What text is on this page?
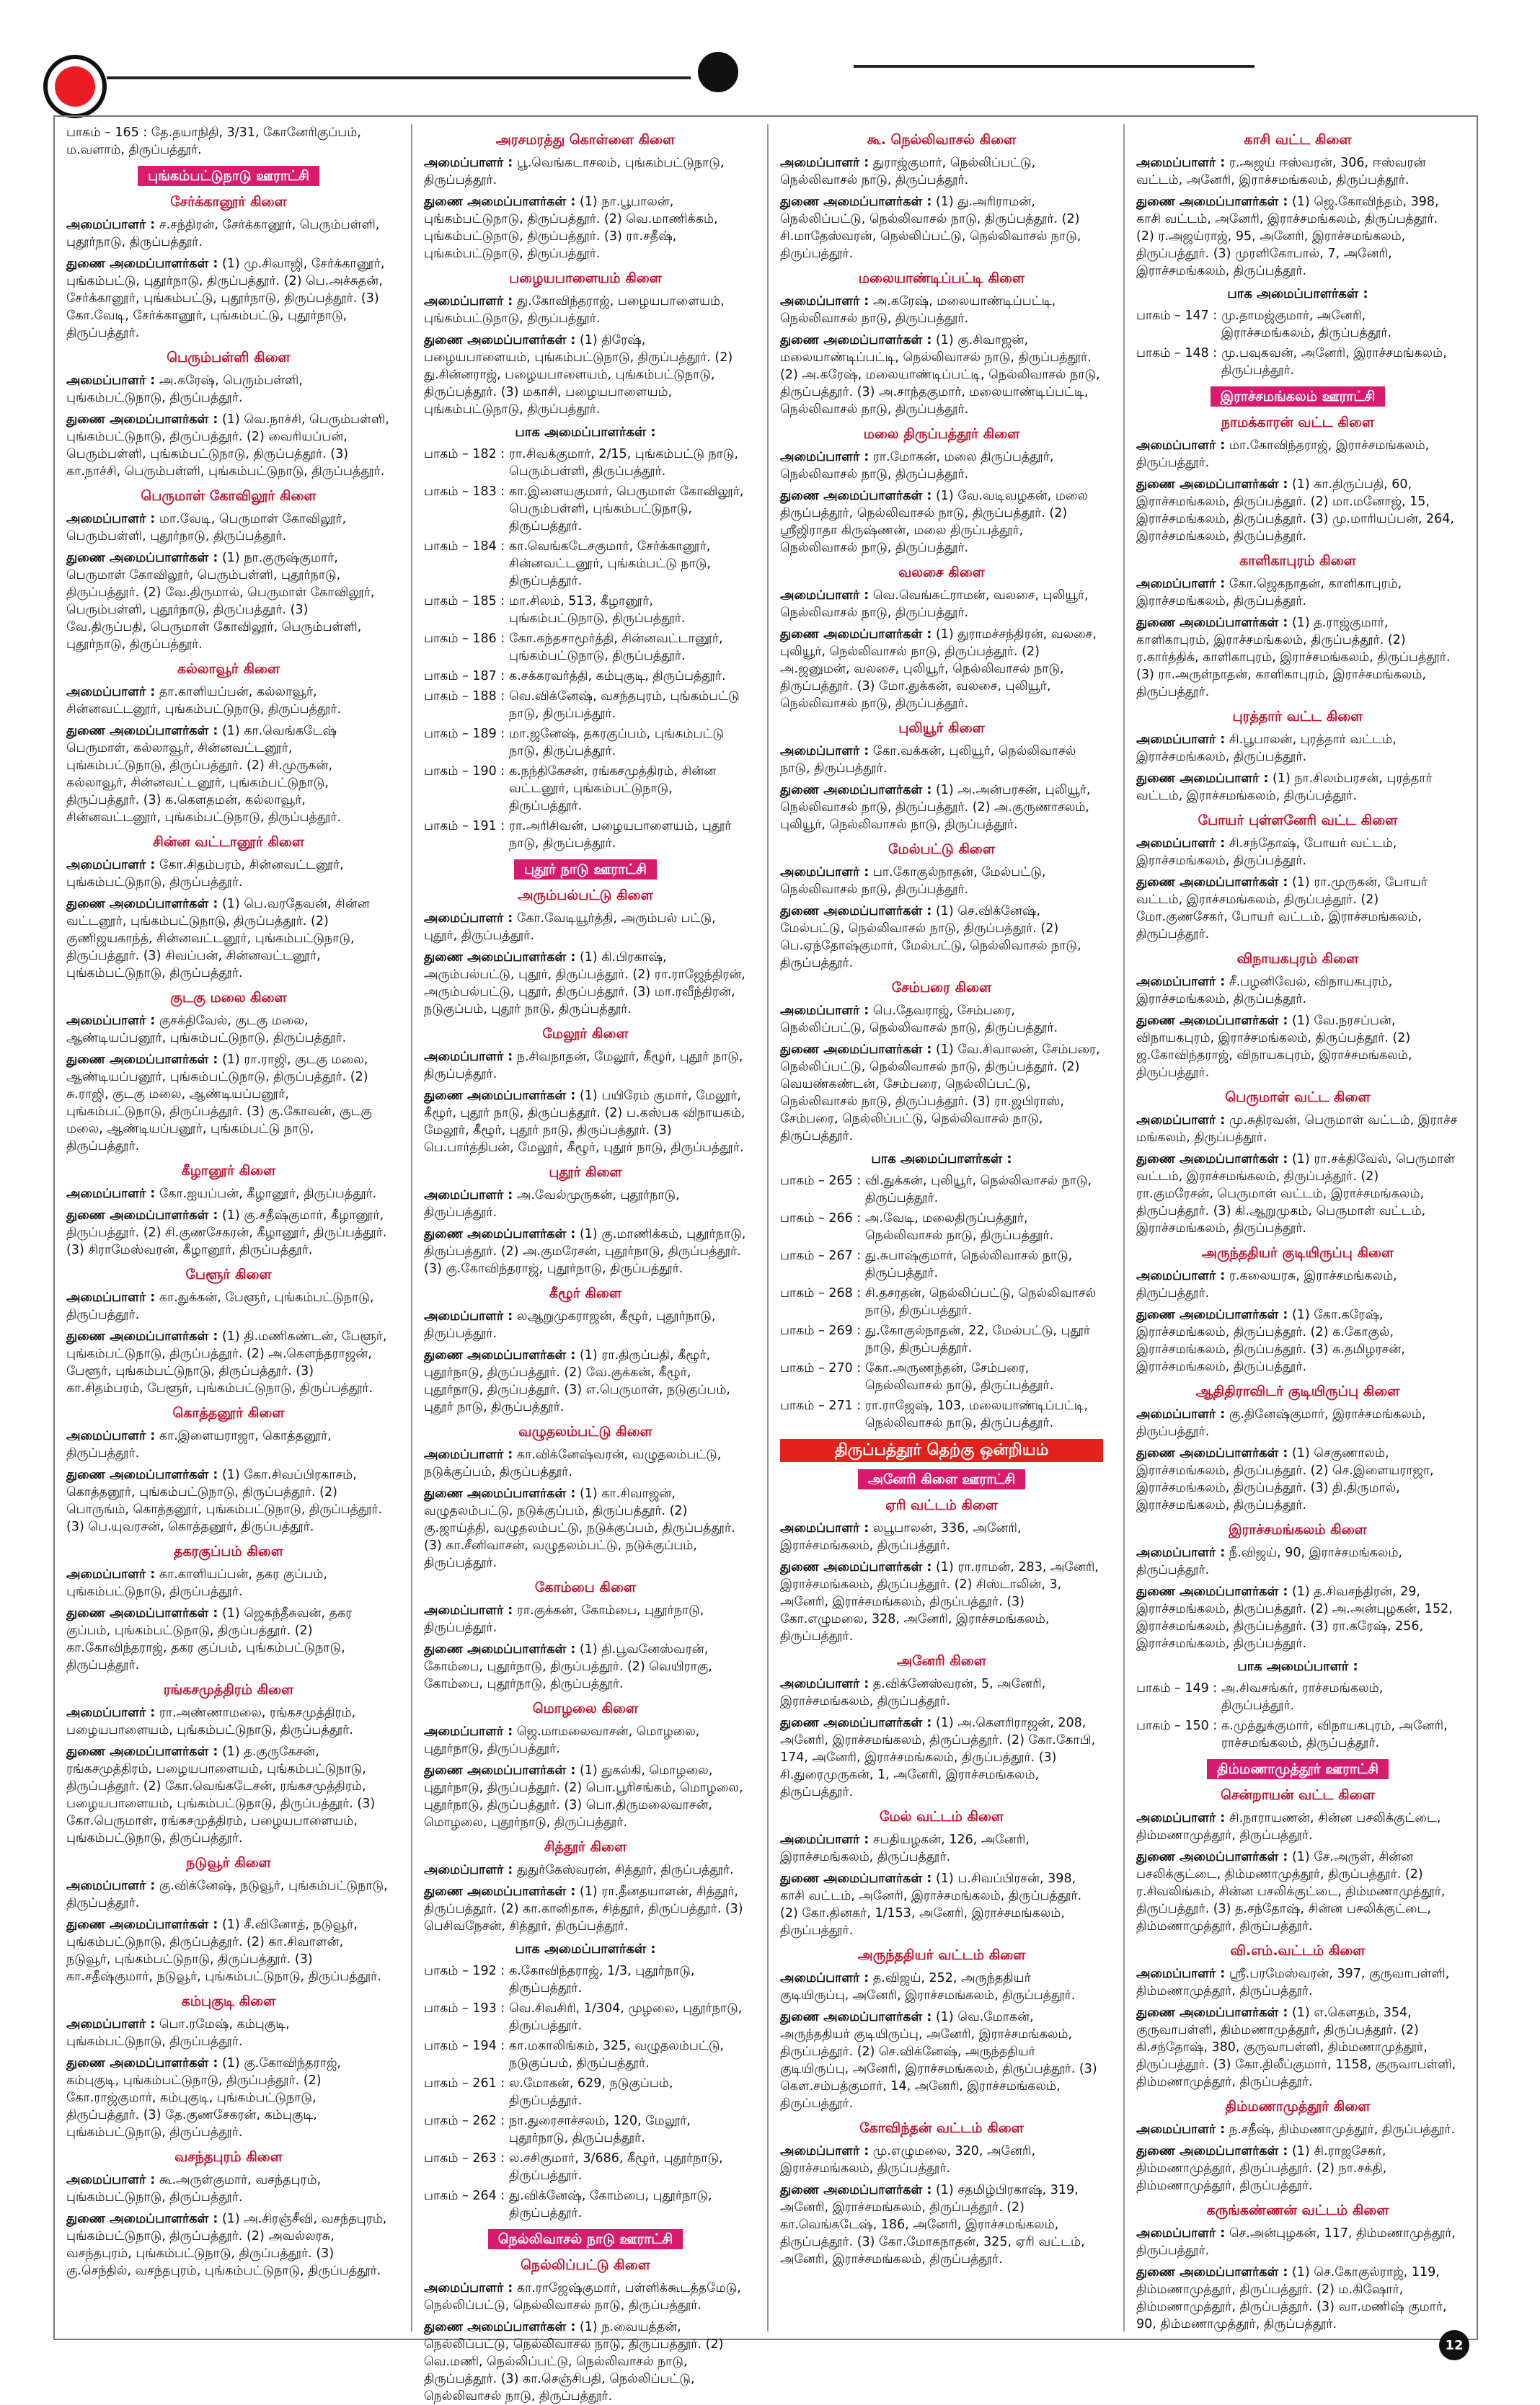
பாகம் – 165 : தே.தயாநிதி, 3/31, கோனேரிகுப்பம், ம.வளாம், திருப்பத்தூர்.
புங்கம்பட்டுநாடு ஊராட்சி
சேர்க்கானூர் கிளை
அமைப்பாளர் : ச.சந்திரன், சேர்க்கானூர், பெரும்பள்ளி, புதூர்நாடு, திருப்பத்தூர்.
துணை அமைப்பாளர்கள் : (1) மு.சிவாஜி, சேர்க்கானூர், புங்கம்பட்டு, புதூர்நாடு, திருப்பத்தூர். (2) பெ.அச்சுதன், சேர்க்கானூர், புங்கம்பட்டு, புதூர்நாடு, திருப்பத்தூர். (3) கோ.வேடி, சேர்க்கானூர், புங்கம்பட்டு, புதூர்நாடு, திருப்பத்தூர்.
பெரும்பள்ளி கிளை
அமைப்பாளர் : அ.கரேஷ், பெரும்பள்ளி, புங்கம்பட்டுநாடு, திருப்பத்தூர்.
துணை அமைப்பாளர்கள் : (1) வெ.நாச்சி, பெரும்பள்ளி, புங்கம்பட்டுநாடு, திருப்பத்தூர். (2) வைரியப்பன், பெரும்பள்ளி, புங்கம்பட்டுநாடு, திருப்பத்தூர். (3) கா.நாச்சி, பெரும்பள்ளி, புங்கம்பட்டுநாடு, திருப்பத்தூர்.
பெருமாள் கோவிலூர் கிளை
அமைப்பாளர் : மா.வேடி, பெருமாள் கோவிலூர், பெரும்பள்ளி, புதூர்நாடு, திருப்பத்தூர்.
துணை அமைப்பாளர்கள் : (1) நா.குருஷ்குமார், பெருமாள் கோவிலூர், பெரும்பள்ளி, புதூர்நாடு, திருப்பத்தூர். (2) வே.திருமால், பெருமாள் கோவிலூர், பெரும்பள்ளி, புதூர்நாடு, திருப்பத்தூர். (3) வே.திருப்பதி, பெருமாள் கோவிலூர், பெரும்பள்ளி, புதூர்நாடு, திருப்பத்தூர்.
கல்லாவூர் கிளை
அமைப்பாளர் : தா.காளியப்பன், கல்லாவூர், சின்னவட்டனூர், புங்கம்பட்டுநாடு, திருப்பத்தூர்.
துணை அமைப்பாளர்கள் : (1) கா.வெங்கடேஷ் பெருமாள், கல்லாவூர், சின்னவட்டனூர், புங்கம்பட்டுநாடு, திருப்பத்தூர். (2) சி.முருகன், கல்லாவூர், சின்னவட்டனூர், புங்கம்பட்டுநாடு, திருப்பத்தூர். (3) க.கௌதமன், கல்லாவூர், சின்னவட்டனூர், புங்கம்பட்டுநாடு, திருப்பத்தூர்.
சின்ன வட்டானூர் கிளை
அமைப்பாளர் : கோ.சிதம்பரம், சின்னவட்டனூர், புங்கம்பட்டுநாடு, திருப்பத்தூர்.
துணை அமைப்பாளர்கள் : (1) பெ.வரதேவன், சின்ன வட்டனூர், புங்கம்பட்டுநாடு, திருப்பத்தூர். (2) குணிஜயகாந்த், சின்னவட்டனூர், புங்கம்பட்டுநாடு, திருப்பத்தூர். (3) சிவப்பன், சின்னவட்டனூர், புங்கம்பட்டுநாடு, திருப்பத்தூர்.
குடகு மலை கிளை
அமைப்பாளர் : குசக்திவேல், குடகு மலை, ஆண்டியப்பனூர், புங்கம்பட்டுநாடு, திருப்பத்தூர்.
துணை அமைப்பாளர்கள் : (1) ரா.ராஜி, குடகு மலை, ஆண்டியப்பனூர், புங்கம்பட்டுநாடு, திருப்பத்தூர். (2) சு.ராஜி, குடகு மலை, ஆண்டியப்பனூர், புங்கம்பட்டுநாடு, திருப்பத்தூர். (3) கு.கோவன், குடகு மலை, ஆண்டியப்பனூர், புங்கம்பட்டு நாடு, திருப்பத்தூர்.
கீழானூர் கிளை
அமைப்பாளர் : கோ.ஐயப்பன், கீழானூர், திருப்பத்தூர்.
துணை அமைப்பாளர்கள் : (1) கு.சதீஷ்குமார், கீழானூர், திருப்பத்தூர். (2) சி.குணசேகரன், கீழானூர், திருப்பத்தூர். (3) சிராமேஸ்வரன், கீழானூர், திருப்பத்தூர்.
பேளூர் கிளை
அமைப்பாளர் : கா.துக்கன், பேளூர், புங்கம்பட்டுநாடு, திருப்பத்தூர்.
துணை அமைப்பாளர்கள் : (1) தி.மணிகண்டன், பேளூர், புங்கம்பட்டுநாடு, திருப்பத்தூர். (2) அ.கௌந்தராஜன், பேளூர், புங்கம்பட்டுநாடு, திருப்பத்தூர். (3) கா.சிதம்பரம், பேளூர், புங்கம்பட்டுநாடு, திருப்பத்தூர்.
கொத்தனூர் கிளை
அமைப்பாளர் : கா.இளையராஜா, கொத்தனூர், திருப்பத்தூர்.
துணை அமைப்பாளர்கள் : (1) கோ.சிவப்பிரகாசம், கொத்தனூர், புங்கம்பட்டுநாடு, திருப்பத்தூர். (2) பொருங்ம், கொத்தனூர், புங்கம்பட்டுநாடு, திருப்பத்தூர். (3) பெ.யுவரசன், கொத்தனூர், திருப்பத்தூர்.
தகரகுப்பம் கிளை
அமைப்பாளர் : கா.காளியப்பன், தகர குப்பம், புங்கம்பட்டுநாடு, திருப்பத்தூர்.
துணை அமைப்பாளர்கள் : (1) ஜெகந்தீசுவன், தகர குப்பம், புங்கம்பட்டுநாடு, திருப்பத்தூர். (2) கா.கோவிந்தராஜ், தகர குப்பம், புங்கம்பட்டுநாடு, திருப்பத்தூர்.
ரங்கசமுத்திரம் கிளை
அமைப்பாளர் : ரா.அண்ணாமலை, ரங்கசமுத்திரம், பழையபாளையம், புங்கம்பட்டுநாடு, திருப்பத்தூர்.
துணை அமைப்பாளர்கள் : (1) த.குருகேசன், ரங்கசமுத்திரம், பழையபாளையம், புங்கம்பட்டுநாடு, திருப்பத்தூர். (2) கோ.வெங்கடேசன், ரங்கசமுத்திரம், பழையபாளையம், புங்கம்பட்டுநாடு, திருப்பத்தூர். (3) கோ.பெருமாள், ரங்கசமுத்திரம், பழையபாளையம், புங்கம்பட்டுநாடு, திருப்பத்தூர்.
நடுவூர் கிளை
அமைப்பாளர் : கு.விக்னேஷ், நடுவூர், புங்கம்பட்டுநாடு, திருப்பத்தூர்.
துணை அமைப்பாளர்கள் : (1) சீ.வினோத், நடுவூர், புங்கம்பட்டுநாடு, திருப்பத்தூர். (2) கா.சிவாளன், நடுவூர், புங்கம்பட்டுநாடு, திருப்பத்தூர். (3) கா.சதீஷ்குமார், நடுவூர், புங்கம்பட்டுநாடு, திருப்பத்தூர்.
கம்புகுடி கிளை
அமைப்பாளர் : பொ.ரமேஷ், கம்புகுடி, புங்கம்பட்டுநாடு, திருப்பத்தூர்.
துணை அமைப்பாளர்கள் : (1) கு.கோவிந்தராஜ், கம்புகுடி, புங்கம்பட்டுநாடு, திருப்பத்தூர். (2) கோ.ராஜ்குமார், கம்புகுடி, புங்கம்பட்டுநாடு, திருப்பத்தூர். (3) தே.குணசேகரன், கம்புகுடி, புங்கம்பட்டுநாடு, திருப்பத்தூர்.
வசந்தபுரம் கிளை
அமைப்பாளர் : கூ.அருள்குமார், வசந்தபுரம், புங்கம்பட்டுநாடு, திருப்பத்தூர்.
துணை அமைப்பாளர்கள் : (1) அ.சிரஞ்சீவி, வசந்தபுரம், புங்கம்பட்டுநாடு, திருப்பத்தூர். (2) அவல்லரசு, வசந்தபுரம், புங்கம்பட்டுநாடு, திருப்பத்தூர். (3) கு.செந்தில், வசந்தபுரம், புங்கம்பட்டுநாடு, திருப்பத்தூர்.
அரசமரத்து கொள்ளை கிளை
அமைப்பாளர் : பூ.வெங்கடாசலம், புங்கம்பட்டுநாடு, திருப்பத்தூர்.
துணை அமைப்பாளர்கள் : (1) நா.பூபாலன், புங்கம்பட்டுநாடு, திருப்பத்தூர். (2) வெ.மாணிக்கம், புங்கம்பட்டுநாடு, திருப்பத்தூர். (3) ரா.சதீஷ், புங்கம்பட்டுநாடு, திருப்பத்தூர்.
பழையபாளையம் கிளை
அமைப்பாளர் : து.கோவிந்தராஜ், பழையபாளையம், புங்கம்பட்டுநாடு, திருப்பத்தூர்.
துணை அமைப்பாளர்கள் : (1) திரேஷ், பழையபாளையம், புங்கம்பட்டுநாடு, திருப்பத்தூர். (2) து.சின்னராஜ், பழையபாளையம், புங்கம்பட்டுநாடு, திருப்பத்தூர். (3) மகாசி, பழையபாளையம், புங்கம்பட்டுநாடு, திருப்பத்தூர்.
பாக அமைப்பாளர்கள் :
பாகம் – 182 : ரா.சிவக்குமார், 2/15, புங்கம்பட்டு நாடு, பெரும்பள்ளி, திருப்பத்தூர்.
பாகம் – 183 : கா.இளையகுமார், பெருமாள் கோவிலூர், பெரும்பள்ளி, புங்கம்பட்டுநாடு, திருப்பத்தூர்.
பாகம் – 184 : கா.வெங்கடேசகுமார், சேர்க்கானூர், சின்னவட்டனூர், புங்கம்பட்டு நாடு, திருப்பத்தூர்.
பாகம் – 185 : மா.சிலம், 513, கீழானூர், புங்கம்பட்டுநாடு, திருப்பத்தூர்.
பாகம் – 186 : கோ.கந்தசாமூர்த்தி, சின்னவட்டானூர், புங்கம்பட்டுநாடு, திருப்பத்தூர்.
பாகம் – 187 : க.சக்கரவர்த்தி, கம்புகுடி, திருப்பத்தூர்.
பாகம் – 188 : வெ.விக்னேஷ், வசந்தபுரம், புங்கம்பட்டு நாடு, திருப்பத்தூர்.
பாகம் – 189 : மா.ஜனேஷ், தகரகுப்பம், புங்கம்பட்டு நாடு, திருப்பத்தூர்.
பாகம் – 190 : க.நந்திகேசன், ரங்கசமுத்திரம், சின்ன வட்டனூர், புங்கம்பட்டுநாடு, திருப்பத்தூர்.
பாகம் – 191 : ரா.அரிசிவன், பழையபாளையம், புதூர் நாடு, திருப்பத்தூர்.
புதூர் நாடு ஊராட்சி
அரும்பல்பட்டு கிளை
அமைப்பாளர் : கோ.வேடியூர்த்தி, அரும்பல் பட்டு, புதூர், திருப்பத்தூர்.
துணை அமைப்பாளர்கள் : (1) கி.பிரகாஷ், அரும்பல்பட்டு, புதூர், திருப்பத்தூர். (2) ரா.ராஜேந்திரன், அரும்பல்பட்டு, புதூர், திருப்பத்தூர். (3) மா.ரவீந்திரன், நடுகுப்பம், புதூர் நாடு, திருப்பத்தூர்.
மேலூர் கிளை
அமைப்பாளர் : ந.சிவநாதன், மேலூர், கீழூர், புதூர் நாடு, திருப்பத்தூர்.
துணை அமைப்பாளர்கள் : (1) பயிரேம் குமார், மேலூர், கீழூர், புதூர் நாடு, திருப்பத்தூர். (2) ப.கஸ்பக விநாயகம், மேலூர், கீழூர், புதூர் நாடு, திருப்பத்தூர். (3) பெ.பார்த்திபன், மேலூர், கீழூர், புதூர் நாடு, திருப்பத்தூர்.
புதூர் கிளை
அமைப்பாளர் : அ.வேல்முருகன், புதூர்நாடு, திருப்பத்தூர்.
துணை அமைப்பாளர்கள் : (1) கு.மாணிக்கம், புதூர்நாடு, திருப்பத்தூர். (2) அ.குமரேசன், புதூர்நாடு, திருப்பத்தூர். (3) கு.கோவிந்தராஜ், புதூர்நாடு, திருப்பத்தூர்.
கீழூர் கிளை
அமைப்பாளர் : லஆறுமுகராஜன், கீழூர், புதூர்நாடு, திருப்பத்தூர்.
துணை அமைப்பாளர்கள் : (1) ரா.திருப்பதி, கீழூர், புதூர்நாடு, திருப்பத்தூர். (2) வே.குக்கன், கீழூர், புதூர்நாடு, திருப்பத்தூர். (3) எ.பெருமாள், நடுகுப்பம், புதூர் நாடு, திருப்பத்தூர்.
வழுதலம்பட்டு கிளை
அமைப்பாளர் : கா.விக்னேஷ்வரன், வழுதலம்பட்டு, நடுக்குப்பம், திருப்பத்தூர்.
துணை அமைப்பாளர்கள் : (1) கா.சிவாஜன், வழுதலம்பட்டு, நடுக்குப்பம், திருப்பத்தூர். (2) கு.ஜாய்த்தி, வழுதலம்பட்டு, நடுக்குப்பம், திருப்பத்தூர். (3) கா.சீனிவாசன், வழுதலம்பட்டு, நடுக்குப்பம், திருப்பத்தூர்.
கோம்பை கிளை
அமைப்பாளர் : ரா.குக்கன், கோம்பை, புதூர்நாடு, திருப்பத்தூர்.
துணை அமைப்பாளர்கள் : (1) தி.பூவனேஸ்வரன், கோம்பை, புதூர்நாடு, திருப்பத்தூர். (2) வெயிராகு, கோம்பை, புதூர்நாடு, திருப்பத்தூர்.
மொழலை கிளை
அமைப்பாளர் : ஜெ.மாமலைவாசன், மொழலை, புதூர்நாடு, திருப்பத்தூர்.
துணை அமைப்பாளர்கள் : (1) துகல்கி, மொழலை, புதூர்நாடு, திருப்பத்தூர். (2) பொ.பூரிசங்கம், மொழலை, புதூர்நாடு, திருப்பத்தூர். (3) பொ.திருமலைவாசன், மொழலை, புதூர்நாடு, திருப்பத்தூர்.
சித்தூர் கிளை
அமைப்பாளர் : துதுர்கேஸ்வரன், சித்தூர், திருப்பத்தூர்.
துணை அமைப்பாளர்கள் : (1) ரா.தீனதயாளன், சித்தூர், திருப்பத்தூர். (2) கா.கானிதாசு, சித்தூர், திருப்பத்தூர். (3) பெசிவநேசன், சித்தூர், திருப்பத்தூர்.
பாக அமைப்பாளர்கள் :
பாகம் – 192 : க.கோவிந்தராஜ், 1/3, புதூர்நாடு, திருப்பத்தூர்.
பாகம் – 193 : வெ.சிவசிரி, 1/304, முழலை, புதூர்நாடு, திருப்பத்தூர்.
பாகம் – 194 : கா.மகாலிங்கம், 325, வழுதலம்பட்டு, நடுகுப்பம், திருப்பத்தூர்.
பாகம் – 261 : ல.மோகன், 629, நடுகுப்பம், திருப்பத்தூர்.
பாகம் – 262 : நா.துரைசாச்சலம், 120, மேலூர், புதூர்நாடு, திருப்பத்தூர்.
பாகம் – 263 : ல.சசிகுமார், 3/686, கீழூர், புதூர்நாடு, திருப்பத்தூர்.
பாகம் – 264 : து.விக்னேஷ், கோம்பை, புதூர்நாடு, திருப்பத்தூர்.
நெல்லிவாசல் நாடு ஊராட்சி
நெல்லிப்பட்டு கிளை
அமைப்பாளர் : கா.ராஜேஷ்குமார், பள்ளிக்கூடத்தமேடு, நெல்லிப்பட்டு, நெல்லிவாசல் நாடு, திருப்பத்தூர்.
துணை அமைப்பாளர்கள் : (1) ந.வையத்தன், நெல்லிப்பட்டு, நெல்லிவாசல் நாடு, திருப்பத்தூர். (2) வெ.மணி, நெல்லிப்பட்டு, நெல்லிவாசல் நாடு, திருப்பத்தூர். (3) கா.செஞ்சிபதி, நெல்லிப்பட்டு, நெல்லிவாசல் நாடு, திருப்பத்தூர்.
கூ. நெல்லிவாசல் கிளை
அமைப்பாளர் : துராஜ்குமார், நெல்லிப்பட்டு, நெல்லிவாசல் நாடு, திருப்பத்தூர்.
துணை அமைப்பாளர்கள் : (1) து.அரிராமன், நெல்லிப்பட்டு, நெல்லிவாசல் நாடு, திருப்பத்தூர். (2) சி.மாதேஸ்வரன், நெல்லிப்பட்டு, நெல்லிவாசல் நாடு, திருப்பத்தூர்.
மலையாண்டிப்பட்டி கிளை
அமைப்பாளர் : அ.கரேஷ், மலையாண்டிப்பட்டி, நெல்லிவாசல் நாடு, திருப்பத்தூர்.
துணை அமைப்பாளர்கள் : (1) கு.சிவாஜன், மலையாண்டிப்பட்டி, நெல்லிவாசல் நாடு, திருப்பத்தூர். (2) அ.கரேஷ், மலையாண்டிப்பட்டி, நெல்லிவாசல் நாடு, திருப்பத்தூர். (3) அ.சாந்தகுமார், மலையாண்டிப்பட்டி, நெல்லிவாசல் நாடு, திருப்பத்தூர்.
மலை திருப்பத்தூர் கிளை
அமைப்பாளர் : ரா.மோகன், மலை திருப்பத்தூர், நெல்லிவாசல் நாடு, திருப்பத்தூர்.
துணை அமைப்பாளர்கள் : (1) வே.வடிவழகன், மலை திருப்பத்தூர், நெல்லிவாசல் நாடு, திருப்பத்தூர். (2) ஸ்ரீஜிராதா கிருஷ்ணன், மலை திருப்பத்தூர், நெல்லிவாசல் நாடு, திருப்பத்தூர்.
வலசை கிளை
அமைப்பாளர் : வெ.வெங்கட்ராமன், வலசை, புலியூர், நெல்லிவாசல் நாடு, திருப்பத்தூர்.
துணை அமைப்பாளர்கள் : (1) துராமச்சந்திரன், வலசை, புலியூர், நெல்லிவாசல் நாடு, திருப்பத்தூர். (2) அ.ஜனுமன், வலசை, புலியூர், நெல்லிவாசல் நாடு, திருப்பத்தூர். (3) மோ.துக்கன், வலசை, புலியூர், நெல்லிவாசல் நாடு, திருப்பத்தூர்.
புலியூர் கிளை
அமைப்பாளர் : கோ.வக்கன், புலியூர், நெல்லிவாசல் நாடு, திருப்பத்தூர்.
துணை அமைப்பாளர்கள் : (1) அ.அன்பரசன், புலியூர், நெல்லிவாசல் நாடு, திருப்பத்தூர். (2) அ.குருணாசலம், புலியூர், நெல்லிவாசல் நாடு, திருப்பத்தூர்.
மேல்பட்டு கிளை
அமைப்பாளர் : பா.கோகுல்நாதன், மேல்பட்டு, நெல்லிவாசல் நாடு, திருப்பத்தூர்.
துணை அமைப்பாளர்கள் : (1) செ.விக்னேஷ், மேல்பட்டு, நெல்லிவாசல் நாடு, திருப்பத்தூர். (2) பெ.ஏந்தோஷ்குமார், மேல்பட்டு, நெல்லிவாசல் நாடு, திருப்பத்தூர்.
சேம்பரை கிளை
அமைப்பாளர் : பெ.தேவராஜ், சேம்பரை, நெல்லிப்பட்டு, நெல்லிவாசல் நாடு, திருப்பத்தூர்.
துணை அமைப்பாளர்கள் : (1) வே.சிவாலன், சேம்பரை, நெல்லிப்பட்டு, நெல்லிவாசல் நாடு, திருப்பத்தூர். (2) வெயண்கண்டன், சேம்பரை, நெல்லிப்பட்டு, நெல்லிவாசல் நாடு, திருப்பத்தூர். (3) ரா.ஜபிராஸ், சேம்பரை, நெல்லிப்பட்டு, நெல்லிவாசல் நாடு, திருப்பத்தூர்.
பாக அமைப்பாளர்கள் :
பாகம் – 265 : வி.துக்கன், புலியூர், நெல்லிவாசல் நாடு, திருப்பத்தூர்.
பாகம் – 266 : அ.வேடி, மலைதிருப்பத்தூர், நெல்லிவாசல் நாடு, திருப்பத்தூர்.
பாகம் – 267 : து.சுபாஷ்குமார், நெல்லிவாசல் நாடு, திருப்பத்தூர்.
பாகம் – 268 : சி.தசரதன், நெல்லிப்பட்டு, நெல்லிவாசல் நாடு, திருப்பத்தூர்.
பாகம் – 269 : து.கோகுல்நாதன், 22, மேல்பட்டு, புதூர் நாடு, திருப்பத்தூர்.
பாகம் – 270 : கோ.அருணந்தன், சேம்பரை, நெல்லிவாசல் நாடு, திருப்பத்தூர்.
பாகம் – 271 : ரா.ராஜேஷ், 103, மலையாண்டிப்பட்டி, நெல்லிவாசல் நாடு, திருப்பத்தூர்.
திருப்பத்தூர் தெற்கு ஒன்றியம்
அனேரி கிளை ஊராட்சி
ஏரி வட்டம் கிளை
அமைப்பாளர் : லபூபாலன், 336, அனேரி, இராச்சமங்கலம், திருப்பத்தூர்.
துணை அமைப்பாளர்கள் : (1) ரா.ராமன், 283, அனேரி, இராச்சமங்கலம், திருப்பத்தூர். (2) சிஸ்டாலின், 3, அனேரி, இராச்சமங்கலம், திருப்பத்தூர். (3) கோ.எழுமலை, 328, அனேரி, இராச்சமங்கலம், திருப்பத்தூர்.
அனேரி கிளை
அமைப்பாளர் : த.விக்னேஸ்வரன், 5, அனேரி, இராச்சமங்கலம், திருப்பத்தூர்.
துணை அமைப்பாளர்கள் : (1) அ.கௌரிராஜன், 208, அனேரி, இராச்சமங்கலம், திருப்பத்தூர். (2) கோ.கோபி, 174, அனேரி, இராச்சமங்கலம், திருப்பத்தூர். (3) சி.துரைமுருகன், 1, அனேரி, இராச்சமங்கலம், திருப்பத்தூர்.
மேல் வட்டம் கிளை
அமைப்பாளர் : சபதியழகன், 126, அனேரி, இராச்சமங்கலம், திருப்பத்தூர்.
துணை அமைப்பாளர்கள் : (1) ப.சிவப்பிரசன், 398, காசி வட்டம், அனேரி, இராச்சமங்கலம், திருப்பத்தூர். (2) கோ.தினகர், 1/153, அனேரி, இராச்சமங்கலம், திருப்பத்தூர்.
அருந்ததியர் வட்டம் கிளை
அமைப்பாளர் : த.விஜய், 252, அருந்ததியர் குடியிருப்பு, அனேரி, இராச்சமங்கலம், திருப்பத்தூர்.
துணை அமைப்பாளர்கள் : (1) வெ.மோகன், அருந்ததியர் குடியிருப்பு, அனேரி, இராச்சமங்கலம், திருப்பத்தூர். (2) செ.விக்னேஷ், அருந்ததியர் குடியிருப்பு, அனேரி, இராச்சமங்கலம், திருப்பத்தூர். (3) கௌ.சம்பத்குமார், 14, அனேரி, இராச்சமங்கலம், திருப்பத்தூர்.
கோவிந்தன் வட்டம் கிளை
அமைப்பாளர் : மு.எழுமலை, 320, அனேரி, இராச்சமங்கலம், திருப்பத்தூர்.
துணை அமைப்பாளர்கள் : (1) சதமிழ்பிரகாஷ், 319, அனேரி, இராச்சமங்கலம், திருப்பத்தூர். (2) கா.வெங்கடேஷ், 186, அனேரி, இராச்சமங்கலம், திருப்பத்தூர். (3) கோ.மோகநாதன், 325, ஏரி வட்டம், அனேரி, இராச்சமங்கலம், திருப்பத்தூர்.
காசி வட்ட கிளை
அமைப்பாளர் : ர.அஜய் ஈஸ்வரன், 306, ஈஸ்வரன் வட்டம், அனேரி, இராச்சமங்கலம், திருப்பத்தூர்.
துணை அமைப்பாளர்கள் : (1) ஜெ.கோவிந்தம், 398, காசி வட்டம், அனேரி, இராச்சமங்கலம், திருப்பத்தூர். (2) ர.அஜய்ராஜ், 95, அனேரி, இராச்சமங்கலம், திருப்பத்தூர். (3) முரளிகோபால், 7, அனேரி, இராச்சமங்கலம், திருப்பத்தூர்.
பாக அமைப்பாளர்கள் :
பாகம் – 147 : மு.தாமஜ்குமார், அனேரி, இராச்சமங்கலம், திருப்பத்தூர்.
பாகம் – 148 : மு.பவுகவன், அனேரி, இராச்சமங்கலம், திருப்பத்தூர்.
இராச்சமங்கலம் ஊராட்சி
நாமக்காரன் வட்ட கிளை
அமைப்பாளர் : மா.கோவிந்தராஜ், இராச்சமங்கலம், திருப்பத்தூர்.
துணை அமைப்பாளர்கள் : (1) கா.திருப்பதி, 60, இராச்சமங்கலம், திருப்பத்தூர். (2) மா.மனோஜ், 15, இராச்சமங்கலம், திருப்பத்தூர். (3) மு.மாரியப்பன், 264, இராச்சமங்கலம், திருப்பத்தூர்.
காளிகாபுரம் கிளை
அமைப்பாளர் : கோ.ஜெகநாதன், காளிகாபுரம், இராச்சமங்கலம், திருப்பத்தூர்.
துணை அமைப்பாளர்கள் : (1) த.ராஜ்குமார், காளிகாபுரம், இராச்சமங்கலம், திருப்பத்தூர். (2) ர.கார்த்திக், காளிகாபுரம், இராச்சமங்கலம், திருப்பத்தூர். (3) ரா.அருள்நாதன், காளிகாபுரம், இராச்சமங்கலம், திருப்பத்தூர்.
புரத்தார் வட்ட கிளை
அமைப்பாளர் : சி.பூபாலன், புரத்தார் வட்டம், இராச்சமங்கலம், திருப்பத்தூர்.
துணை அமைப்பாளர் : (1) நா.சிலம்பரசன், புரத்தார் வட்டம், இராச்சமங்கலம், திருப்பத்தூர்.
போயர் புள்ளனேரி வட்ட கிளை
அமைப்பாளர் : சி.சந்தோஷ், போயர் வட்டம், இராச்சமங்கலம், திருப்பத்தூர்.
துணை அமைப்பாளர்கள் : (1) ரா.முருகன், போயர் வட்டம், இராச்சமங்கலம், திருப்பத்தூர். (2) மோ.குணசேகர், போயர் வட்டம், இராச்சமங்கலம், திருப்பத்தூர்.
விநாயகபுரம் கிளை
அமைப்பாளர் : சீ.பழனிவேல், விநாயகபுரம், இராச்சமங்கலம், திருப்பத்தூர்.
துணை அமைப்பாளர்கள் : (1) வே.நரசப்பன், விநாயகபுரம், இராச்சமங்கலம், திருப்பத்தூர். (2) ஜ.கோவிந்தராஜ், விநாயகபுரம், இராச்சமங்கலம், திருப்பத்தூர்.
பெருமாள் வட்ட கிளை
அமைப்பாளர் : மு.சுதிரவன், பெருமாள் வட்டம், இராச்ச மங்கலம், திருப்பத்தூர்.
துணை அமைப்பாளர்கள் : (1) ரா.சக்திவேல், பெருமாள் வட்டம், இராச்சமங்கலம், திருப்பத்தூர். (2) ரா.குமரேசன், பெருமாள் வட்டம், இராச்சமங்கலம், திருப்பத்தூர். (3) கி.ஆறுமுகம், பெருமாள் வட்டம், இராச்சமங்கலம், திருப்பத்தூர்.
அருந்ததியர் குடியிருப்பு கிளை
அமைப்பாளர் : ர.கலையரசு, இராச்சமங்கலம், திருப்பத்தூர்.
துணை அமைப்பாளர்கள் : (1) கோ.கரேஷ், இராச்சமங்கலம், திருப்பத்தூர். (2) க.கோகுல், இராச்சமங்கலம், திருப்பத்தூர். (3) சு.தமிழரசன், இராச்சமங்கலம், திருப்பத்தூர்.
ஆதிதிராவிடர் குடியிருப்பு கிளை
அமைப்பாளர் : கு.தினேஷ்குமார், இராச்சமங்கலம், திருப்பத்தூர்.
துணை அமைப்பாளர்கள் : (1) செகுணாலம், இராச்சமங்கலம், திருப்பத்தூர். (2) செ.இளையராஜா, இராச்சமங்கலம், திருப்பத்தூர். (3) தி.திருமால், இராச்சமங்கலம், திருப்பத்தூர்.
இராச்சமங்கலம் கிளை
அமைப்பாளர் : நீ.விஜய், 90, இராச்சமங்கலம், திருப்பத்தூர்.
துணை அமைப்பாளர்கள் : (1) த.சிவசந்திரன், 29, இராச்சமங்கலம், திருப்பத்தூர். (2) அ.அன்புழகன், 152, இராச்சமங்கலம், திருப்பத்தூர். (3) ரா.கரேஷ், 256, இராச்சமங்கலம், திருப்பத்தூர்.
பாக அமைப்பாளர் :
பாகம் – 149 : அ.சிவசங்கர், ராச்சமங்கலம், திருப்பத்தூர்.
பாகம் – 150 : க.முத்துக்குமார், விநாயகபுரம், அனேரி, ராச்சமங்கலம், திருப்பத்தூர்.
திம்மணாமுத்தூர் ஊராட்சி
சென்றாயன் வட்ட கிளை
அமைப்பாளர் : சி.நாராயணன், சின்ன பசலிக்குட்டை, திம்மணாமுத்தூர், திருப்பத்தூர்.
துணை அமைப்பாளர்கள் : (1) சே.அருள், சின்ன பசலிக்குட்டை, திம்மணாமுத்தூர், திருப்பத்தூர். (2) ர.சிவலிங்கம், சின்ன பசலிக்குட்டை, திம்மணாமுத்தூர், திருப்பத்தூர். (3) த.சந்தோஷ், சின்ன பசலிக்குட்டை, திம்மணாமுத்தூர், திருப்பத்தூர்.
வி.எம்.வட்டம் கிளை
அமைப்பாளர் : ஸ்ரீ.பரமேஸ்வரன், 397, குருவாபள்ளி, திம்மணாமுத்தூர், திருப்பத்தூர்.
துணை அமைப்பாளர்கள் : (1) எ.கௌதம், 354, குருவாபள்ளி, திம்மணாமுத்தூர், திருப்பத்தூர். (2) கி.சந்தோஷ், 380, குருவாபள்ளி, திம்மணாமுத்தூர், திருப்பத்தூர். (3) கோ.திலீப்குமார், 1158, குருவாபள்ளி, திம்மணாமுத்தூர், திருப்பத்தூர்.
திம்மணாமுத்தூர் கிளை
அமைப்பாளர் : ந.சதீஷ், திம்மணாமுத்தூர், திருப்பத்தூர்.
துணை அமைப்பாளர்கள் : (1) சி.ராஜசேகர், திம்மணாமுத்தூர், திருப்பத்தூர். (2) நா.சக்தி, திம்மணாமுத்தூர், திருப்பத்தூர்.
கருங்கண்ணன் வட்டம் கிளை
அமைப்பாளர் : செ.அன்புழகன், 117, திம்மணாமுத்தூர், திருப்பத்தூர்.
துணை அமைப்பாளர்கள் : (1) செ.கோகுல்ராஜ், 119, திம்மணாமுத்தூர், திருப்பத்தூர். (2) ம.கிஷோர், திம்மணாமுத்தூர், திருப்பத்தூர். (3) வா.மணிஷ் குமார், 90, திம்மணாமுத்தூர், திருப்பத்தூர்.
12
